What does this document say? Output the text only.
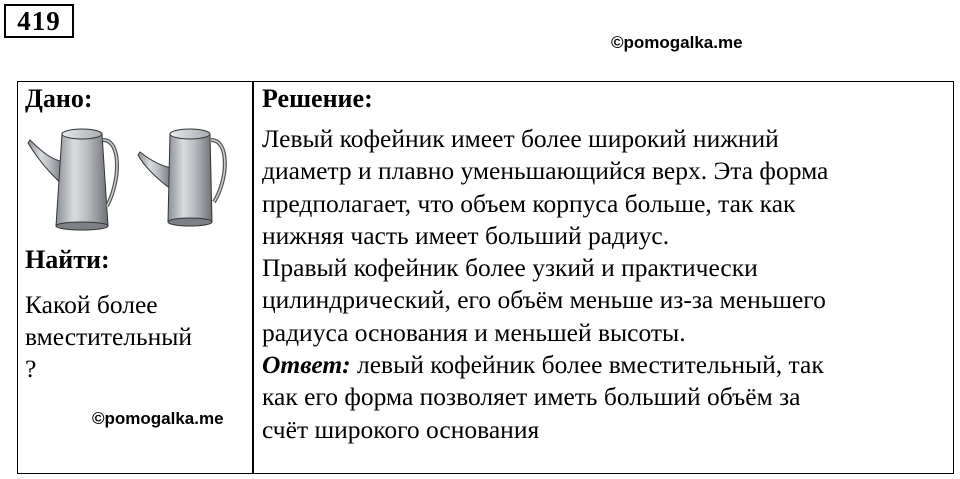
419
©pomogalka.me
Дано:
Найти:
Какой более
вместительный
?
©pomogalka.me
Решение:
Левый кофейник имеет более широкий нижний
диаметр и плавно уменьшающийся верх. Эта форма
предполагает, что объем корпуса больше, так как
нижняя часть имеет больший радиус.
Правый кофейник более узкий и практически
цилиндрический, его объём меньше из-за меньшего
радиуса основания и меньшей высоты.
Ответ: левый кофейник более вместительный, так
как его форма позволяет иметь больший объём за
счёт широкого основания
